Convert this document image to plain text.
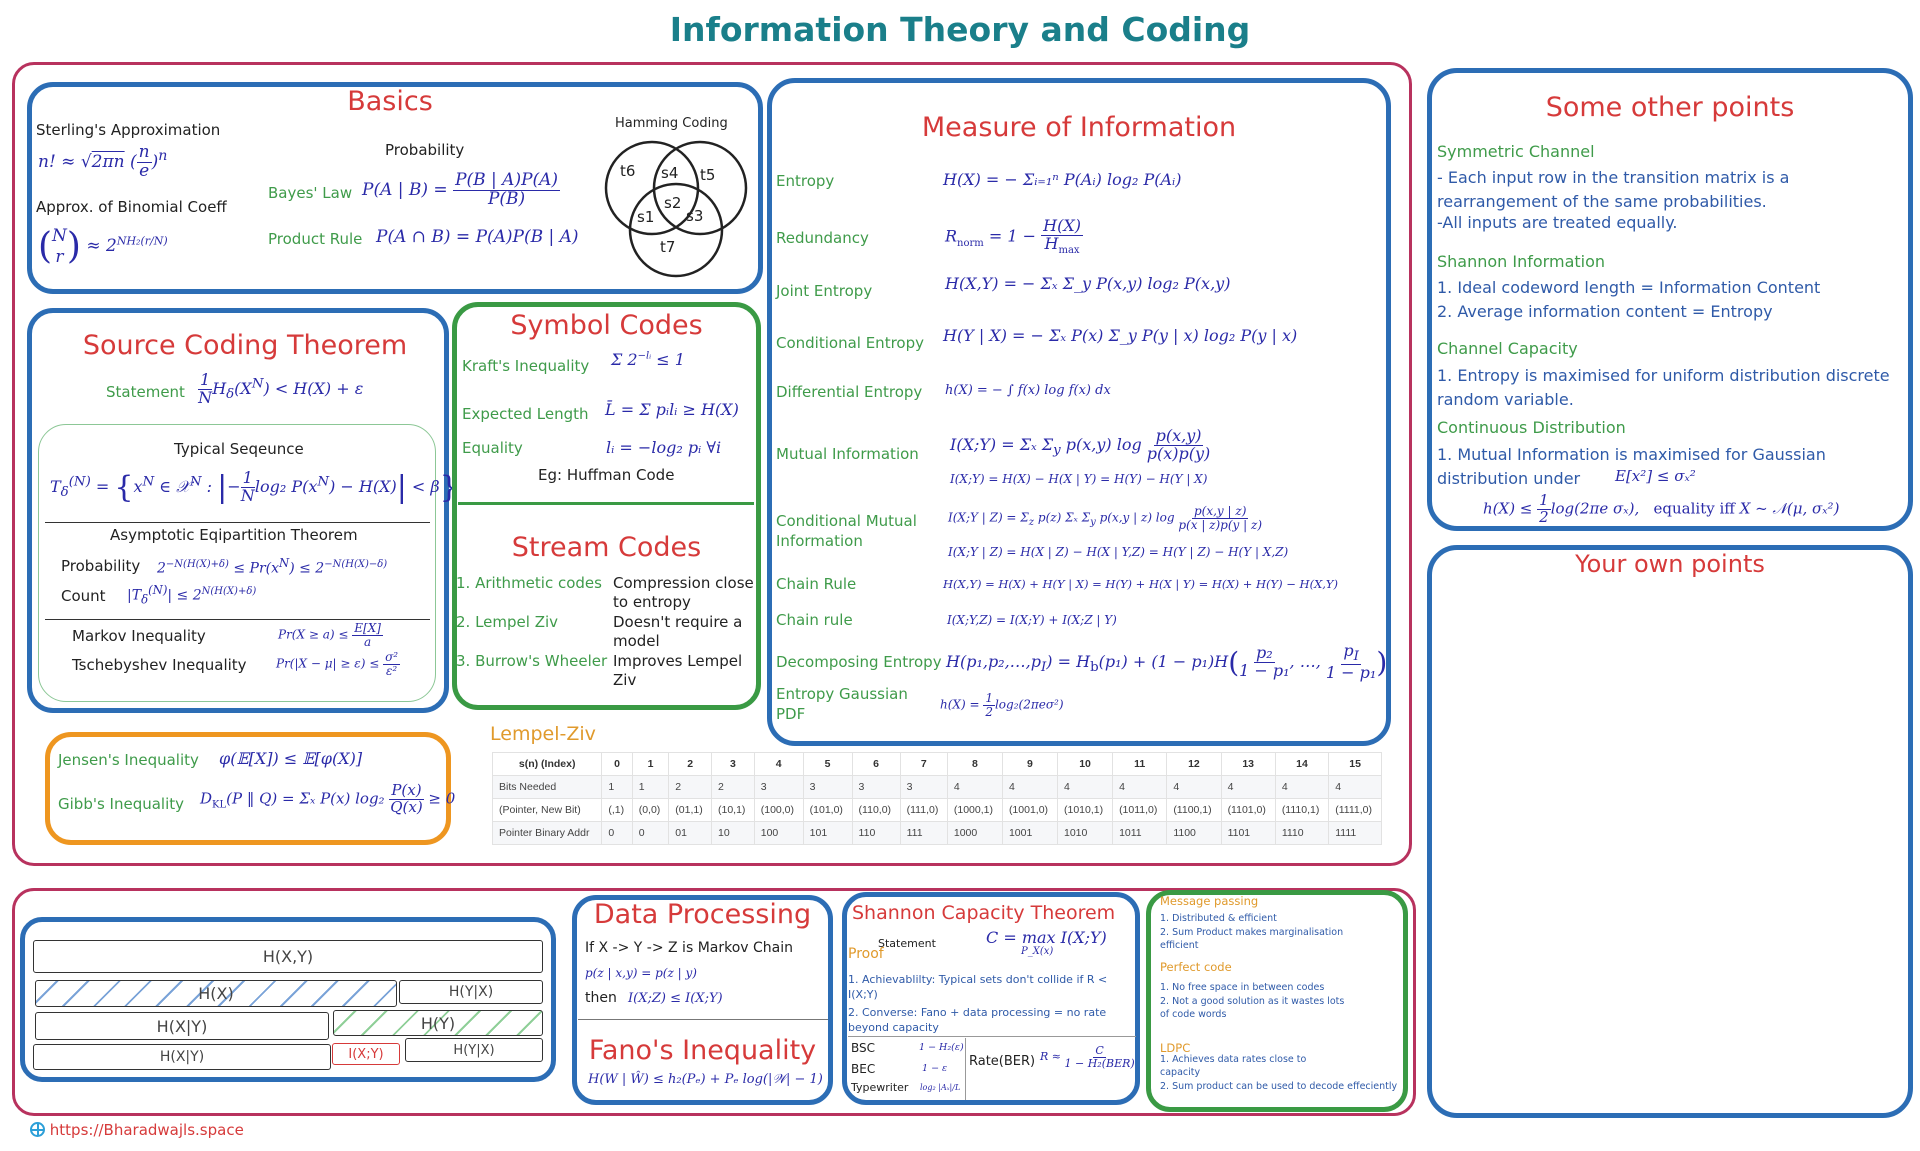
Information Theory and Coding
Basics
Sterling's Approximation
n! ≈ √2πn ( $\frac{n}{e} )^n$
Approx. of Binomial Coeff
( N
r ) ≈ $2^{NH_2(r/N)}$
Probability
Bayes' Law P(A | $B) = \frac{P(B | A)P(A)}{P(B)}$
Product Rule P(A ∩ B) = P(A)P(B | A)
Hamming Coding
t6 s4 t5
s2
s1 s3
t7
Source Coding Theorem
Statement $\frac{1}{N} H_\delta(X^N) < H(X) + \varepsilon$
Typical Seqeunce
$T_\delta^{(N)} = \{x^N$ ∈ 𝒳$^N$ : |− $\frac{1}{N} \log_2$ $P(x^N) - H(X)| < \beta$}
Asymptotic Eqipartition Theorem
Probability $2^{-N(H(X)+\delta)} \le Pr(x^N) \le 2^{-N(H(X)-\delta)}$
Count $|T_\delta^{(N)}| \le 2^{N(H(X)+\delta)}$
Markov Inequality	$Pr(X \ge a) \le \frac{E[X]}{a}$
Tschebyshev Inequality $Pr(|X - \mu| \ge \varepsilon) \le \frac{\text{σ²}}{\text{ε²}}$
Symbol Codes
Kraft's Inequality Σ $2^{-lᵢ} \le 1$
Expected Length L̄ = Σ pᵢlᵢ ≥ H(X)
Equality	lᵢ = −log₂ pᵢ ∀i
Eg: Huffman Code
Stream Codes
1. Arithmetic codes Compression close to entropy
2. Lempel Ziv	Doesn't require a model
3. Burrow's Wheeler Improves Lempel Ziv
Measure of Information
Entropy	H(X) = − Σᵢ₌₁ⁿ P(Aᵢ) log₂ P(Aᵢ)
Redundancy	$R_{norm} = 1 - \frac{H(X)}{H_{max}}$
Joint Entropy	H(X,Y) = − Σₓ Σ_y P(x,y) log₂ P(x,y)
Conditional Entropy H(Y | X) = − Σₓ P(x) Σ_y P(y | x) log₂ P(y | x)
Differential Entropy h(X) = − ∫ f(x) log f(x) dx
Mutual Information
I(X;Y) = Σₓ $\Sigma_y$ p(x,y) $\log \frac{p(x,y)}{p(x)p(y)}$
I(X;Y) = H(X) − H(X | Y) = H(Y) − H(Y | X)
Conditional Mutual Information
I(X;Y | $Z) = \Sigma_z$ p(z) Σₓ $\Sigma_y$ p(x,y | z) $\log \frac{p(x,y | z)}{p(x | z)p(y | z)}$
I(X;Y | Z) = H(X | Z) − H(X | Y,Z) = H(Y | Z) − H(Y | X,Z)
Chain Rule	H(X,Y) = H(X) + H(Y | X) = H(Y) + H(X | Y) = H(X) + H(Y) − H(X,Y)
Chain rule	I(X;Y,Z) = I(X;Y) + I(X;Z | Y)
Decomposing Entropy $H(p_1,p_2,\dots,p_I) = H_b(p_1) + (1 - p_1)H( \frac{\text{p₂}}{\text{1 − p₁}}$ , …, $\frac{p_I}{\text{1 − p₁}}$ )
Entropy Gaussian PDF
$h(X) = \frac{1}{2} \log_2(2\pi e\sigma^2)$
Jensen's Inequality φ(𝔼[X]) ≤ 𝔼[φ(X)]
Gibb's Inequality $D_{KL}(P$ ‖ Q) = Σₓ P(x) $\log_2 \frac{P(x)}{Q(x)} \ge 0$
Lempel-Ziv
s(n) (Index)	0	1	2	3	4	5	6	7	8	9	10	11	12	13	14	15
Bits Needed	1	1	2	2	3	3	3	3	4	4	4	4	4	4	4	4
(Pointer, New Bit)	(,1)	(0,0)	(01,1)	(10,1)	(100,0)	(101,0)	(110,0)	(111,0)	(1000,1)	(1001,0)	(1010,1)	(1011,0)	(1100,1)	(1101,0)	(1110,1)	(1111,0)
Pointer Binary Addr	0	0	01	10	100	101	110	111	1000	1001	1010	1011	1100	1101	1110	1111
Some other points
Symmetric Channel
- Each input row in the transition matrix is a rearrangement of the same probabilities.
-All inputs are treated equally.
Shannon Information
1. Ideal codeword length = Information Content
2. Average information content = Entropy
Channel Capacity
1. Entropy is maximised for uniform distribution discrete random variable.
Continuous Distribution
1. Mutual Information is maximised for Gaussian distribution under	E[x²] ≤ σₓ²
$h(X) \le \frac{1}{2} \log(2\pi e$ σₓ),   equality iff X ~ 𝒩(μ, σₓ²)
Your own points
H(X,Y)
H(X)	H(Y|X)
H(X|Y)	H(Y)
H(X|Y)	I(X;Y)	H(Y|X)
Data Processing
If X -> Y -> Z is Markov Chain
p(z | x,y) = p(z | y)
then I(X;Z) ≤ I(X;Y)
Fano's Inequality
H(W | Ŵ) ≤ h₂(Pₑ) + Pₑ log(|𝒲| − 1)
Shannon Capacity Theorem
Statement	C = max I(X;Y)
P_X(x)
Proof
1. Achievablilty: Typical sets don't collide if R < I(X;Y)
2. Converse: Fano + data processing = no rate beyond capacity
BSC	1 − H₂(ε)
BEC	1 − ε
Typewriter log₂ |Aₓ|/L
Rate(BER) $R \approx \frac{C}{\text{1 − H₂(BER)}}$
Message passing
1. Distributed & efficient
2. Sum Product makes marginalisation efficient
Perfect code
1. No free space in between codes
2. Not a good solution as it wastes lots of code words
LDPC
1. Achieves data rates close to capacity
2. Sum product can be used to decode effeciently
https://Bharadwajls.space
